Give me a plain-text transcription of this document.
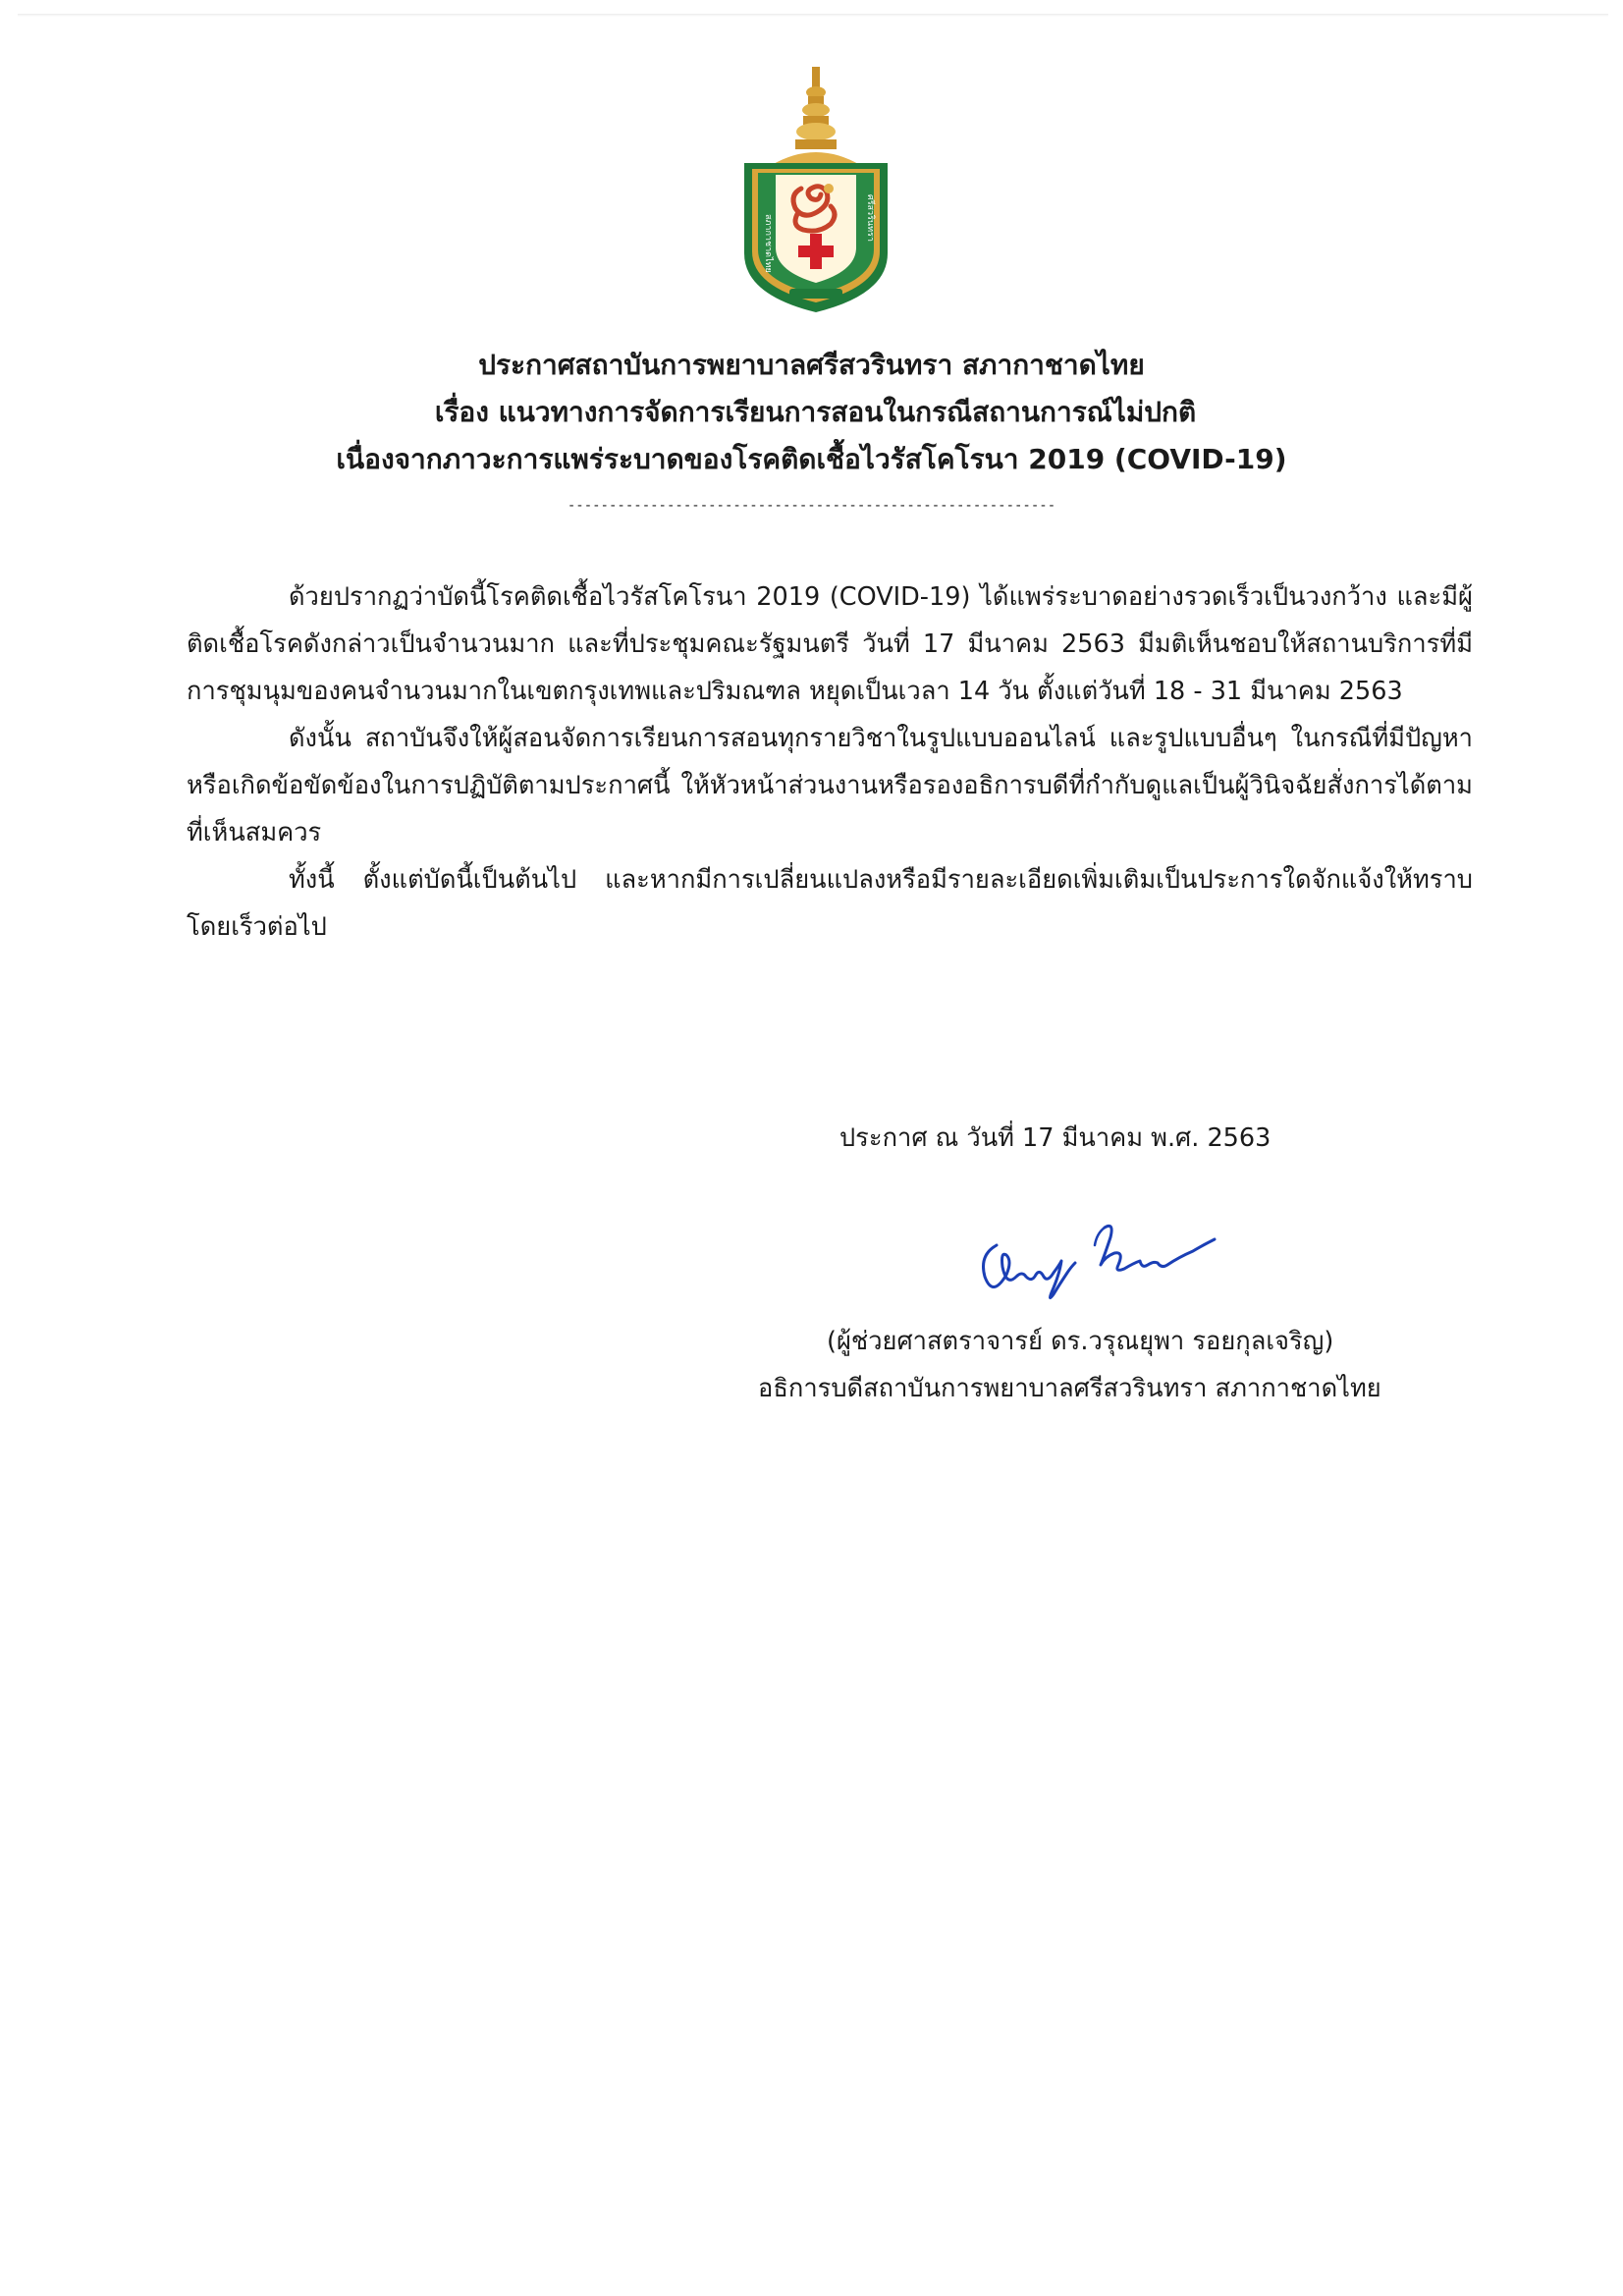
สภากาชาดไทย	ศรีสวรินทรา
ประกาศสถาบันการพยาบาลศรีสวรินทรา สภากาชาดไทย
เรื่อง แนวทางการจัดการเรียนการสอนในกรณีสถานการณ์ไม่ปกติ
เนื่องจากภาวะการแพร่ระบาดของโรคติดเชื้อไวรัสโคโรนา 2019 (COVID-19)
-----------------------------------------------------------

ด้วยปรากฏว่าบัดนี้โรคติดเชื้อไวรัสโคโรนา 2019 (COVID-19) ได้แพร่ระบาดอย่างรวดเร็วเป็นวงกว้าง และมีผู้ติดเชื้อโรคดังกล่าวเป็นจำนวนมาก และที่ประชุมคณะรัฐมนตรี วันที่ 17 มีนาคม 2563 มีมติเห็นชอบให้สถานบริการที่มีการชุมนุมของคนจำนวนมากในเขตกรุงเทพและปริมณฑล หยุดเป็นเวลา 14 วัน ตั้งแต่วันที่ 18 - 31 มีนาคม 2563

ดังนั้น สถาบันจึงให้ผู้สอนจัดการเรียนการสอนทุกรายวิชาในรูปแบบออนไลน์ และรูปแบบอื่นๆ ในกรณีที่มีปัญหาหรือเกิดข้อขัดข้องในการปฏิบัติตามประกาศนี้ ให้หัวหน้าส่วนงานหรือรองอธิการบดีที่กำกับดูแลเป็นผู้วินิจฉัยสั่งการได้ตามที่เห็นสมควร

ทั้งนี้ ตั้งแต่บัดนี้เป็นต้นไป และหากมีการเปลี่ยนแปลงหรือมีรายละเอียดเพิ่มเติมเป็นประการใดจักแจ้งให้ทราบโดยเร็วต่อไป

ประกาศ ณ วันที่ 17 มีนาคม พ.ศ. 2563
(ผู้ช่วยศาสตราจารย์ ดร.วรุณยุพา รอยกุลเจริญ)
อธิการบดีสถาบันการพยาบาลศรีสวรินทรา สภากาชาดไทย
